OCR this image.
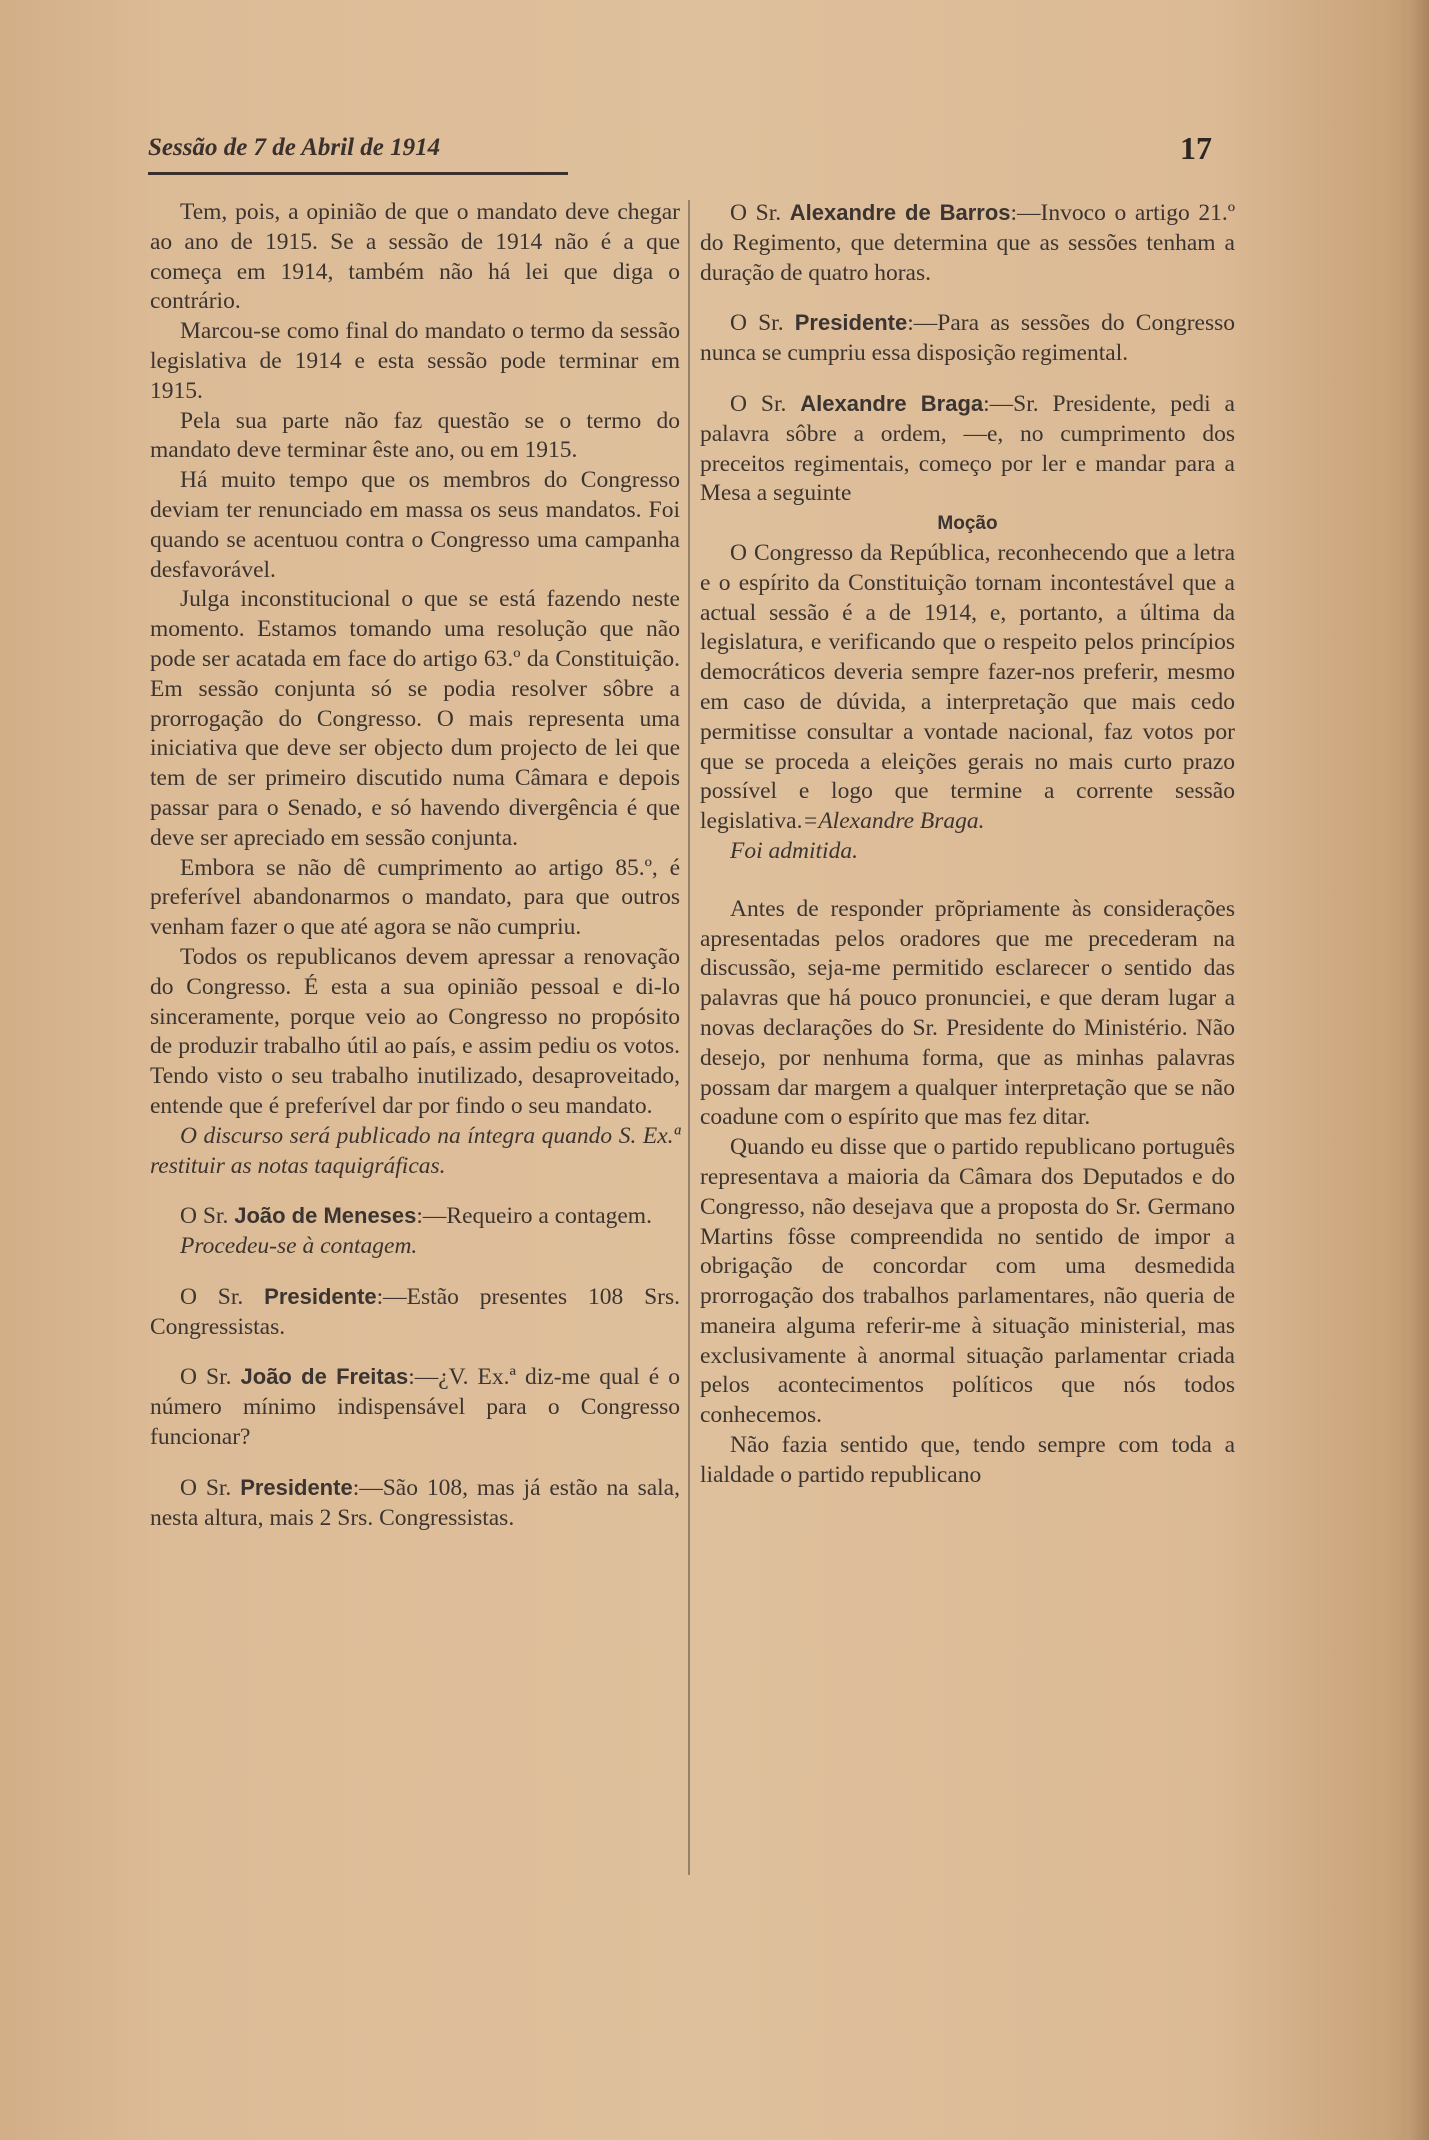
Sessão de 7 de Abril de 1914	17

Tem, pois, a opinião de que o mandato deve chegar ao ano de 1915. Se a sessão de 1914 não é a que começa em 1914, também não há lei que diga o contrário.

Marcou-se como final do mandato o termo da sessão legislativa de 1914 e esta sessão pode terminar em 1915.

Pela sua parte não faz questão se o termo do mandato deve terminar êste ano, ou em 1915.

Há muito tempo que os membros do Congresso deviam ter renunciado em massa os seus mandatos. Foi quando se acentuou contra o Congresso uma campanha desfavorável.

Julga inconstitucional o que se está fazendo neste momento. Estamos tomando uma resolução que não pode ser acatada em face do artigo 63.º da Constituição. Em sessão conjunta só se podia resolver sôbre a prorrogação do Congresso. O mais representa uma iniciativa que deve ser objecto dum projecto de lei que tem de ser primeiro discutido numa Câmara e depois passar para o Senado, e só havendo divergência é que deve ser apreciado em sessão conjunta.

Embora se não dê cumprimento ao artigo 85.º, é preferível abandonarmos o mandato, para que outros venham fazer o que até agora se não cumpriu.

Todos os republicanos devem apressar a renovação do Congresso. É esta a sua opinião pessoal e di-lo sinceramente, porque veio ao Congresso no propósito de produzir trabalho útil ao país, e assim pediu os votos. Tendo visto o seu trabalho inutilizado, desaproveitado, entende que é preferível dar por findo o seu mandato.

O discurso será publicado na íntegra quando S. Ex.ª restituir as notas taquigráficas.

O Sr. João de Meneses:—Requeiro a contagem.

Procedeu-se à contagem.

O Sr. Presidente:—Estão presentes 108 Srs. Congressistas.

O Sr. João de Freitas:—¿V. Ex.ª diz-me qual é o número mínimo indispensável para o Congresso funcionar?

O Sr. Presidente:—São 108, mas já estão na sala, nesta altura, mais 2 Srs. Congressistas.

O Sr. Alexandre de Barros:—Invoco o artigo 21.º do Regimento, que determina que as sessões tenham a duração de quatro horas.

O Sr. Presidente:—Para as sessões do Congresso nunca se cumpriu essa disposição regimental.

O Sr. Alexandre Braga:—Sr. Presidente, pedi a palavra sôbre a ordem, —e, no cumprimento dos preceitos regimentais, começo por ler e mandar para a Mesa a seguinte

Moção

O Congresso da República, reconhecendo que a letra e o espírito da Constituição tornam incontestável que a actual sessão é a de 1914, e, portanto, a última da legislatura, e verificando que o respeito pelos princípios democráticos deveria sempre fazer-nos preferir, mesmo em caso de dúvida, a interpretação que mais cedo permitisse consultar a vontade nacional, faz votos por que se proceda a eleições gerais no mais curto prazo possível e logo que termine a corrente sessão legislativa.=Alexandre Braga.

Foi admitida.

Antes de responder prõpriamente às considerações apresentadas pelos oradores que me precederam na discussão, seja-me permitido esclarecer o sentido das palavras que há pouco pronunciei, e que deram lugar a novas declarações do Sr. Presidente do Ministério. Não desejo, por nenhuma forma, que as minhas palavras possam dar margem a qualquer interpretação que se não coadune com o espírito que mas fez ditar.

Quando eu disse que o partido republicano português representava a maioria da Câmara dos Deputados e do Congresso, não desejava que a proposta do Sr. Germano Martins fôsse compreendida no sentido de impor a obrigação de concordar com uma desmedida prorrogação dos trabalhos parlamentares, não queria de maneira alguma referir-me à situação ministerial, mas exclusivamente à anormal situação parlamentar criada pelos acontecimentos políticos que nós todos conhecemos.

Não fazia sentido que, tendo sempre com toda a lialdade o partido republicano
